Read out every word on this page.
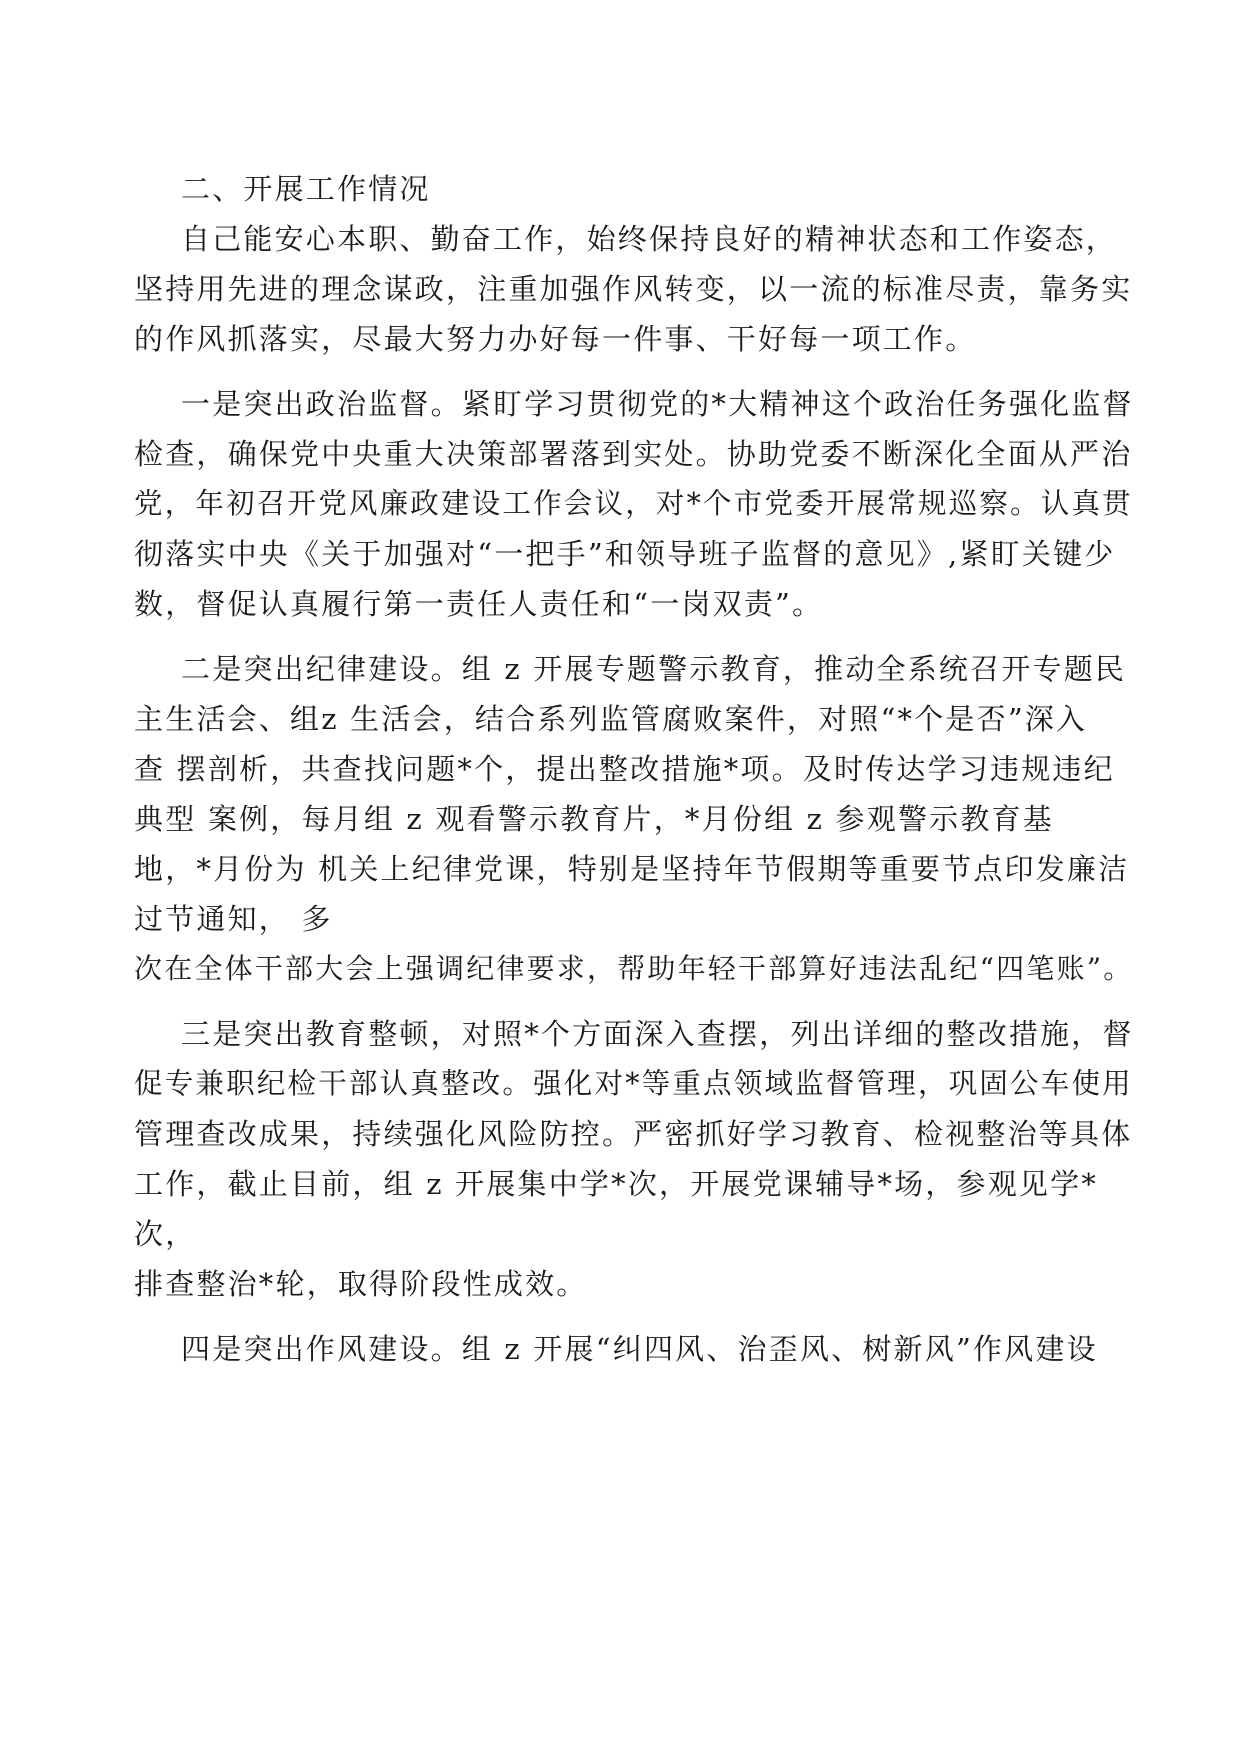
二、开展工作情况
自己能安心本职、勤奋工作，始终保持良好的精神状态和工作姿态，
坚持用先进的理念谋政，注重加强作风转变，以一流的标准尽责，靠务实
的作风抓落实，尽最大努力办好每一件事、干好每一项工作。
一是突出政治监督。紧盯学习贯彻党的*大精神这个政治任务强化监督
检查，确保党中央重大决策部署落到实处。协助党委不断深化全面从严治
党，年初召开党风廉政建设工作会议，对*个市党委开展常规巡察。认真贯
彻落实中央《关于加强对“一把手”和领导班子监督的意见》,紧盯关键少
数，督促认真履行第一责任人责任和“一岗双责”。
二是突出纪律建设。组 z 开展专题警示教育，推动全系统召开专题民
主生活会、组z 生活会，结合系列监管腐败案件，对照“*个是否”深入
查 摆剖析，共查找问题*个，提出整改措施*项。及时传达学习违规违纪
典型 案例，每月组 z 观看警示教育片，*月份组 z 参观警示教育基
地，*月份为 机关上纪律党课，特别是坚持年节假期等重要节点印发廉洁
过节通知， 多
次在全体干部大会上强调纪律要求，帮助年轻干部算好违法乱纪“四笔账”。
三是突出教育整顿，对照*个方面深入查摆，列出详细的整改措施，督
促专兼职纪检干部认真整改。强化对*等重点领域监督管理，巩固公车使用
管理查改成果，持续强化风险防控。严密抓好学习教育、检视整治等具体
工作，截止目前，组 z 开展集中学*次，开展党课辅导*场，参观见学*
次，
排查整治*轮，取得阶段性成效。
四是突出作风建设。组 z 开展“纠四风、治歪风、树新风”作风建设
